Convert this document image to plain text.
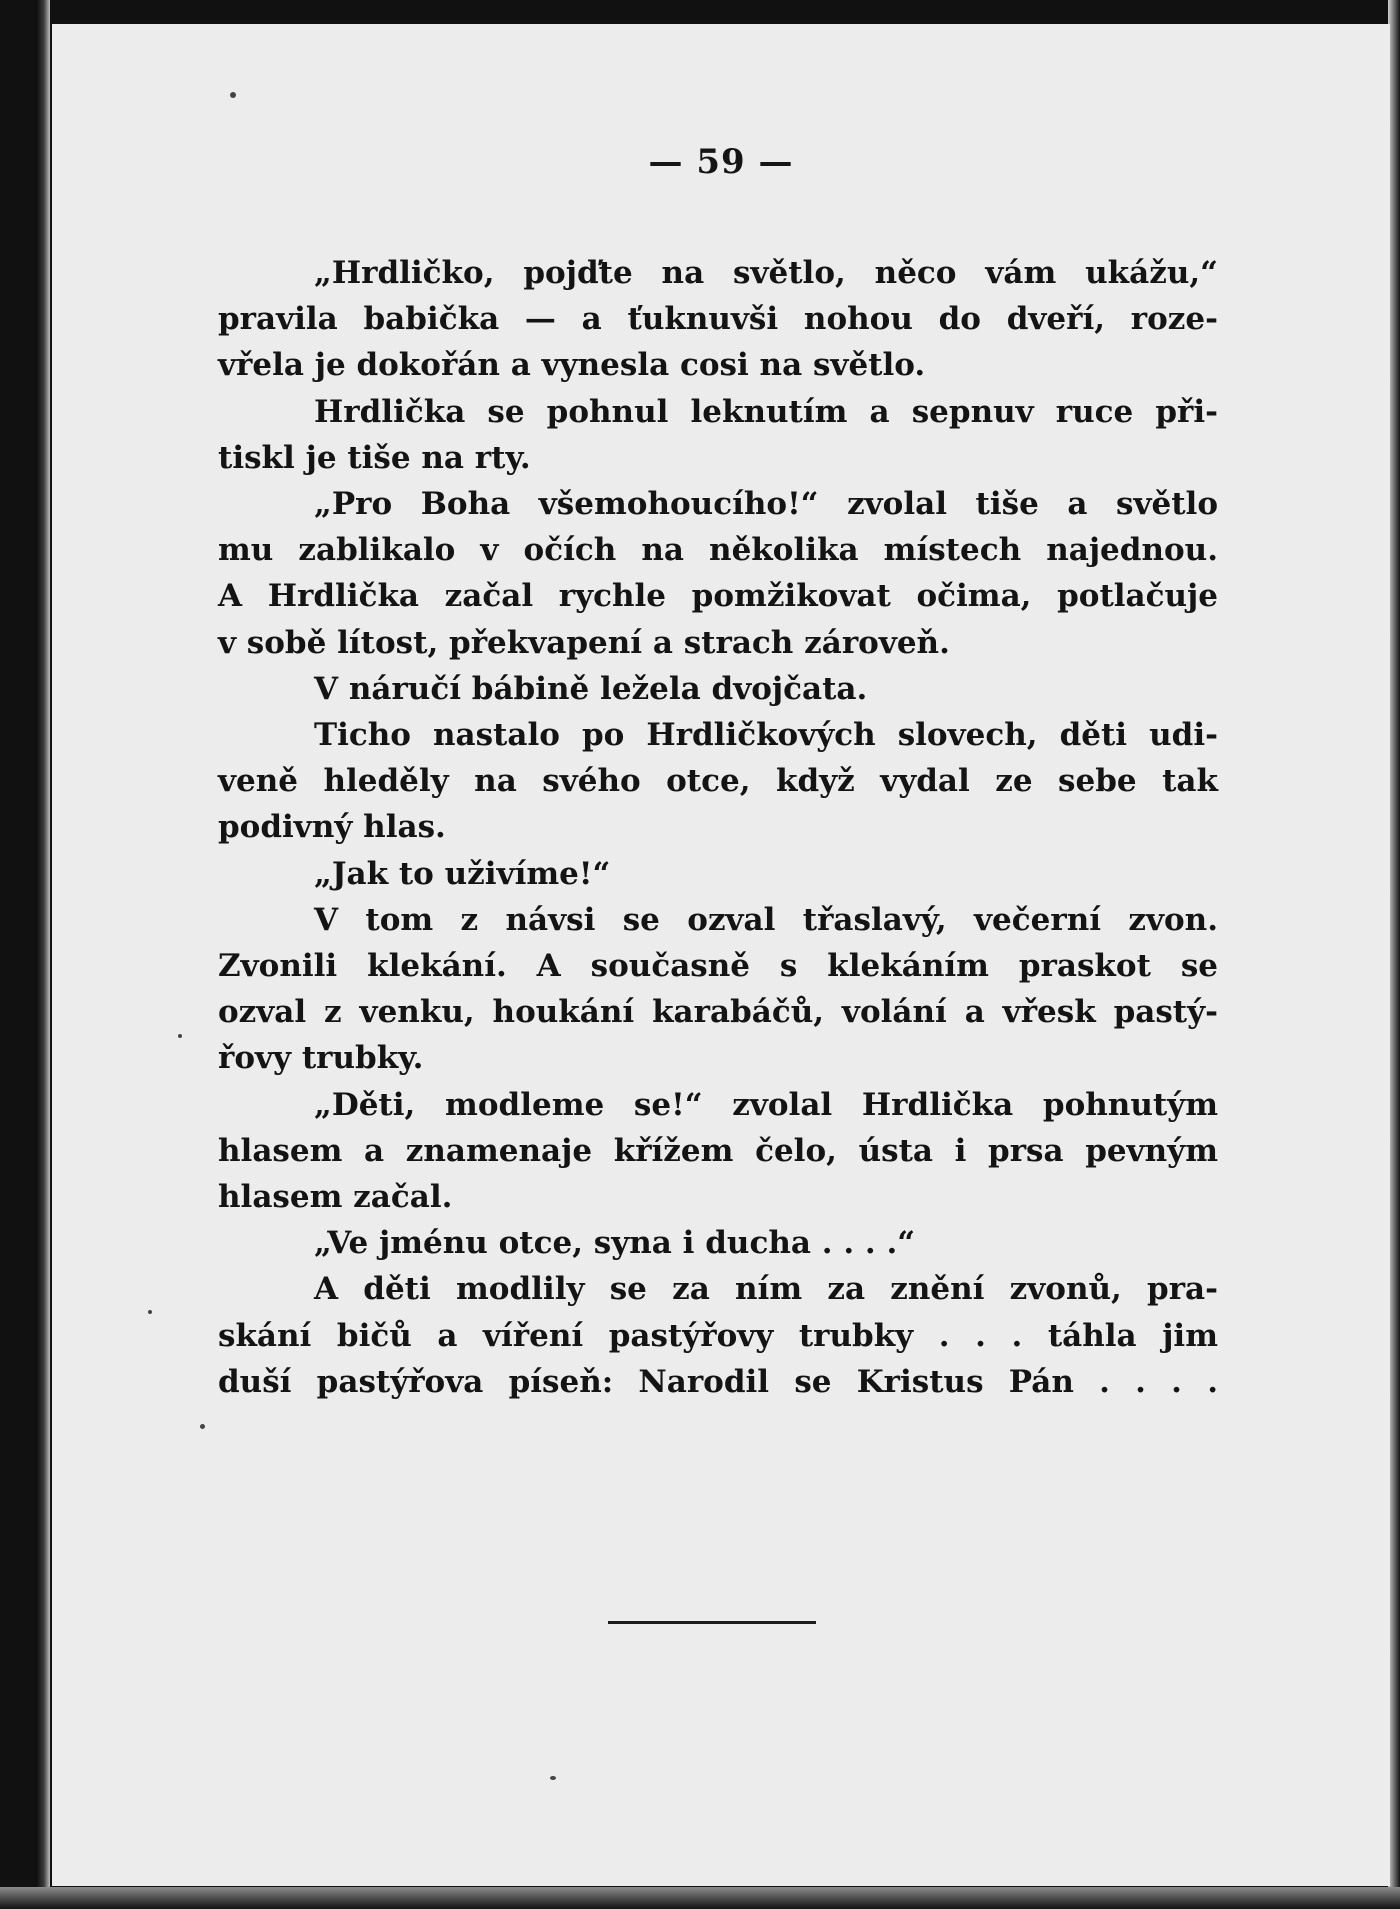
— 59 —
„Hrdličko, pojďte na světlo, něco vám ukážu,“
pravila babička — a ťuknuvši nohou do dveří, roze-
vřela je dokořán a vynesla cosi na světlo.
Hrdlička se pohnul leknutím a sepnuv ruce při-
tiskl je tiše na rty.
„Pro Boha všemohoucího!“ zvolal tiše a světlo
mu zablikalo v očích na několika místech najednou.
A Hrdlička začal rychle pomžikovat očima, potlačuje
v sobě lítost, překvapení a strach zároveň.
V náručí bábině ležela dvojčata.
Ticho nastalo po Hrdličkových slovech, děti udi-
veně hleděly na svého otce, když vydal ze sebe tak
podivný hlas.
„Jak to uživíme!“
V tom z návsi se ozval třaslavý, večerní zvon.
Zvonili klekání. A současně s klekáním praskot se
ozval z venku, houkání karabáčů, volání a vřesk pastý-
řovy trubky.
„Děti, modleme se!“ zvolal Hrdlička pohnutým
hlasem a znamenaje křížem čelo, ústa i prsa pevným
hlasem začal.
„Ve jménu otce, syna i ducha . . . .“
A děti modlily se za ním za znění zvonů, pra-
skání bičů a víření pastýřovy trubky . . . táhla jim
duší pastýřova píseň: Narodil se Kristus Pán . . . .
